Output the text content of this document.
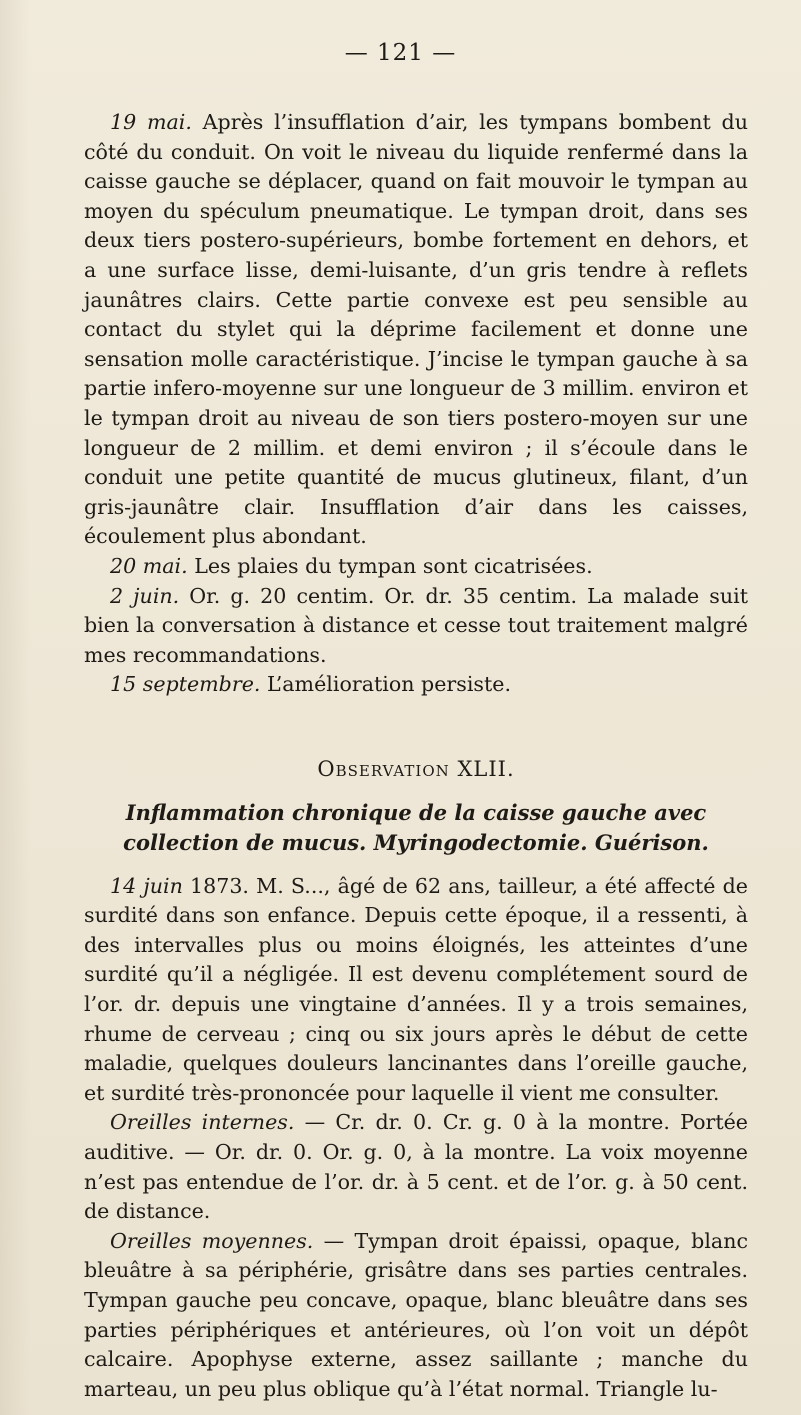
— 121 —

19 mai. Après l’insufflation d’air, les tympans bombent du côté du conduit. On voit le niveau du liquide renfermé dans la caisse gauche se déplacer, quand on fait mouvoir le tympan au moyen du spéculum pneumatique. Le tympan droit, dans ses deux tiers postero-supérieurs, bombe fortement en dehors, et a une surface lisse, demi-luisante, d’un gris tendre à reflets jaunâtres clairs. Cette partie convexe est peu sensible au contact du stylet qui la déprime facilement et donne une sensation molle caractéristique. J’incise le tympan gauche à sa partie infero-moyenne sur une longueur de 3 millim. environ et le tympan droit au niveau de son tiers postero-moyen sur une longueur de 2 millim. et demi environ ; il s’écoule dans le conduit une petite quantité de mucus glutineux, filant, d’un gris-jaunâtre clair. Insufflation d’air dans les caisses, écoulement plus abondant.

20 mai. Les plaies du tympan sont cicatrisées.

2 juin. Or. g. 20 centim. Or. dr. 35 centim. La malade suit bien la conversation à distance et cesse tout traitement malgré mes recommandations.

15 septembre. L’amélioration persiste.

Observation XLII.
Inflammation chronique de la caisse gauche avec collection de mucus. Myringodectomie. Guérison.

14 juin 1873. M. S..., âgé de 62 ans, tailleur, a été affecté de surdité dans son enfance. Depuis cette époque, il a ressenti, à des intervalles plus ou moins éloignés, les atteintes d’une surdité qu’il a négligée. Il est devenu complétement sourd de l’or. dr. depuis une vingtaine d’années. Il y a trois semaines, rhume de cerveau ; cinq ou six jours après le début de cette maladie, quelques douleurs lancinantes dans l’oreille gauche, et surdité très-prononcée pour laquelle il vient me consulter.

Oreilles internes. — Cr. dr. 0. Cr. g. 0 à la montre. Portée auditive. — Or. dr. 0. Or. g. 0, à la montre. La voix moyenne n’est pas entendue de l’or. dr. à 5 cent. et de l’or. g. à 50 cent. de distance.

Oreilles moyennes. — Tympan droit épaissi, opaque, blanc bleuâtre à sa périphérie, grisâtre dans ses parties centrales. Tympan gauche peu concave, opaque, blanc bleuâtre dans ses parties périphériques et antérieures, où l’on voit un dépôt calcaire. Apophyse externe, assez saillante ; manche du marteau, un peu plus oblique qu’à l’état normal. Triangle lu-
